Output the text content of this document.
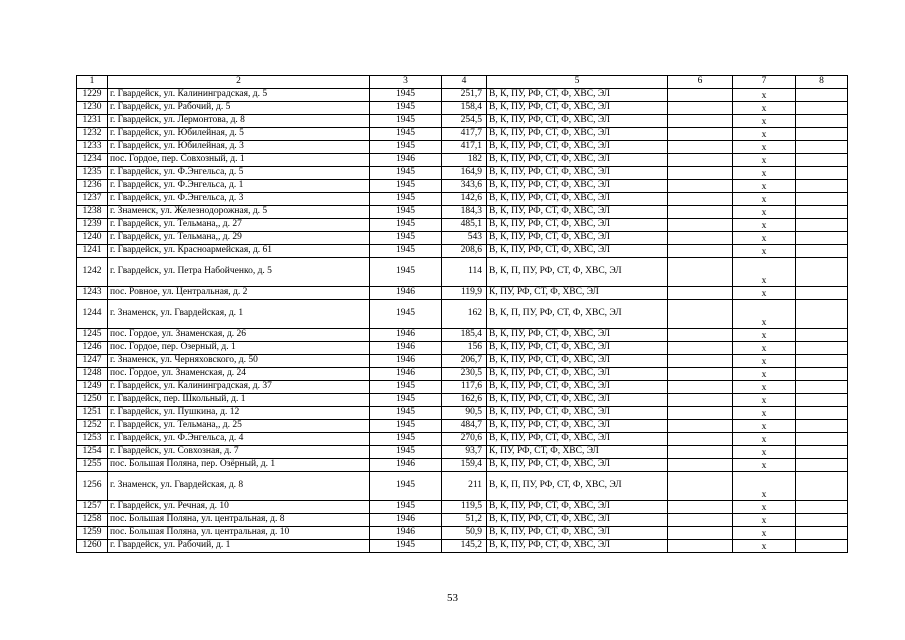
1	2	3	4	5	6	7	8
1229	г. Гвардейск, ул. Калининградская, д. 5	1945	251,7	В, К, ПУ, РФ, СТ, Ф, ХВС, ЭЛ		х	
1230	г. Гвардейск, ул. Рабочий, д. 5	1945	158,4	В, К, ПУ, РФ, СТ, Ф, ХВС, ЭЛ		х	
1231	г. Гвардейск, ул. Лермонтова, д. 8	1945	254,5	В, К, ПУ, РФ, СТ, Ф, ХВС, ЭЛ		х	
1232	г. Гвардейск, ул. Юбилейная, д. 5	1945	417,7	В, К, ПУ, РФ, СТ, Ф, ХВС, ЭЛ		х	
1233	г. Гвардейск, ул. Юбилейная, д. 3	1945	417,1	В, К, ПУ, РФ, СТ, Ф, ХВС, ЭЛ		х	
1234	пос. Гордое, пер. Совхозный, д. 1	1946	182	В, К, ПУ, РФ, СТ, Ф, ХВС, ЭЛ		х	
1235	г. Гвардейск, ул. Ф.Энгельса, д. 5	1945	164,9	В, К, ПУ, РФ, СТ, Ф, ХВС, ЭЛ		х	
1236	г. Гвардейск, ул. Ф.Энгельса, д. 1	1945	343,6	В, К, ПУ, РФ, СТ, Ф, ХВС, ЭЛ		х	
1237	г. Гвардейск, ул. Ф.Энгельса, д. 3	1945	142,6	В, К, ПУ, РФ, СТ, Ф, ХВС, ЭЛ		х	
1238	г. Знаменск, ул. Железнодорожная, д. 5	1945	184,3	В, К, ПУ, РФ, СТ, Ф, ХВС, ЭЛ		х	
1239	г. Гвардейск, ул. Тельмана,, д. 27	1945	485,1	В, К, ПУ, РФ, СТ, Ф, ХВС, ЭЛ		х	
1240	г. Гвардейск, ул. Тельмана,, д. 29	1945	543	В, К, ПУ, РФ, СТ, Ф, ХВС, ЭЛ		х	
1241	г. Гвардейск, ул. Красноармейская, д. 61	1945	208,6	В, К, ПУ, РФ, СТ, Ф, ХВС, ЭЛ		х	
1242	г. Гвардейск, ул. Петра Набойченко, д. 5	1945	114	В, К, П, ПУ, РФ, СТ, Ф, ХВС, ЭЛ		х	
1243	пос. Ровное, ул. Центральная, д. 2	1946	119,9	К, ПУ, РФ, СТ, Ф, ХВС, ЭЛ		х	
1244	г. Знаменск, ул. Гвардейская, д. 1	1945	162	В, К, П, ПУ, РФ, СТ, Ф, ХВС, ЭЛ		х	
1245	пос. Гордое, ул. Знаменская, д. 26	1946	185,4	В, К, ПУ, РФ, СТ, Ф, ХВС, ЭЛ		х	
1246	пос. Гордое, пер. Озерный, д. 1	1946	156	В, К, ПУ, РФ, СТ, Ф, ХВС, ЭЛ		х	
1247	г. Знаменск, ул. Черняховского, д. 50	1946	206,7	В, К, ПУ, РФ, СТ, Ф, ХВС, ЭЛ		х	
1248	пос. Гордое, ул. Знаменская, д. 24	1946	230,5	В, К, ПУ, РФ, СТ, Ф, ХВС, ЭЛ		х	
1249	г. Гвардейск, ул. Калининградская, д. 37	1945	117,6	В, К, ПУ, РФ, СТ, Ф, ХВС, ЭЛ		х	
1250	г. Гвардейск, пер. Школьный, д. 1	1945	162,6	В, К, ПУ, РФ, СТ, Ф, ХВС, ЭЛ		х	
1251	г. Гвардейск, ул. Пушкина, д. 12	1945	90,5	В, К, ПУ, РФ, СТ, Ф, ХВС, ЭЛ		х	
1252	г. Гвардейск, ул. Тельмана,, д. 25	1945	484,7	В, К, ПУ, РФ, СТ, Ф, ХВС, ЭЛ		х	
1253	г. Гвардейск, ул. Ф.Энгельса, д. 4	1945	270,6	В, К, ПУ, РФ, СТ, Ф, ХВС, ЭЛ		х	
1254	г. Гвардейск, ул. Совхозная, д. 7	1945	93,7	К, ПУ, РФ, СТ, Ф, ХВС, ЭЛ		х	
1255	пос. Большая Поляна, пер. Озёрный, д. 1	1946	159,4	В, К, ПУ, РФ, СТ, Ф, ХВС, ЭЛ		х	
1256	г. Знаменск, ул. Гвардейская, д. 8	1945	211	В, К, П, ПУ, РФ, СТ, Ф, ХВС, ЭЛ		х	
1257	г. Гвардейск, ул. Речная, д. 10	1945	119,5	В, К, ПУ, РФ, СТ, Ф, ХВС, ЭЛ		х	
1258	пос. Большая Поляна, ул. центральная, д. 8	1946	51,2	В, К, ПУ, РФ, СТ, Ф, ХВС, ЭЛ		х	
1259	пос. Большая Поляна, ул. центральная, д. 10	1946	50,9	В, К, ПУ, РФ, СТ, Ф, ХВС, ЭЛ		х	
1260	г. Гвардейск, ул. Рабочий, д. 1	1945	145,2	В, К, ПУ, РФ, СТ, Ф, ХВС, ЭЛ		х	
53
